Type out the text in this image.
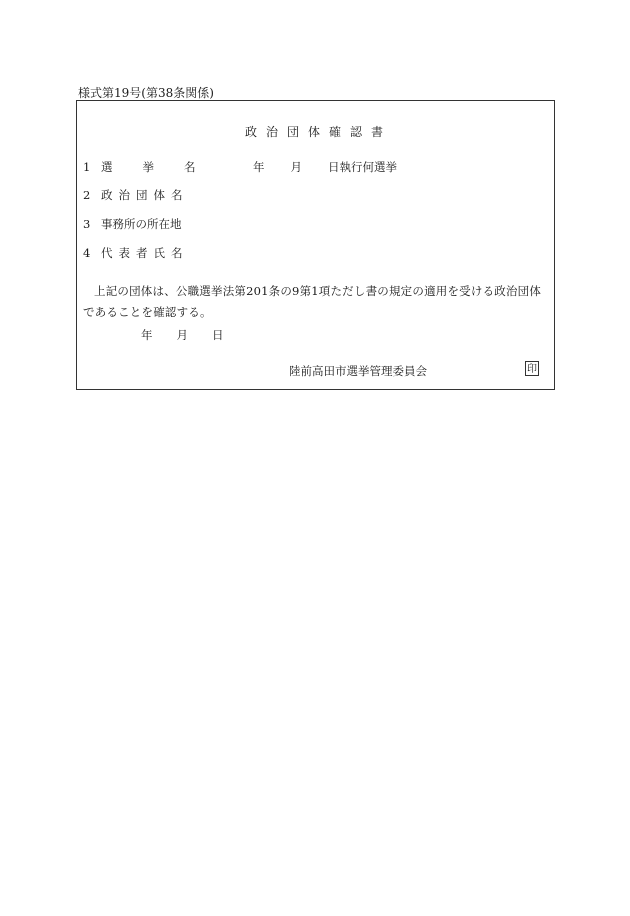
様式第19号(第38条関係)
政治団体確認書
1 選挙名 年 月 日執行何選挙
2 政治団体名
3 事務所の所在地
4 代表者氏名
上記の団体は、公職選挙法第201条の9第1項ただし書の規定の適用を受ける政治団体であることを確認する。
年 月 日
陸前高田市選挙管理委員会	印
